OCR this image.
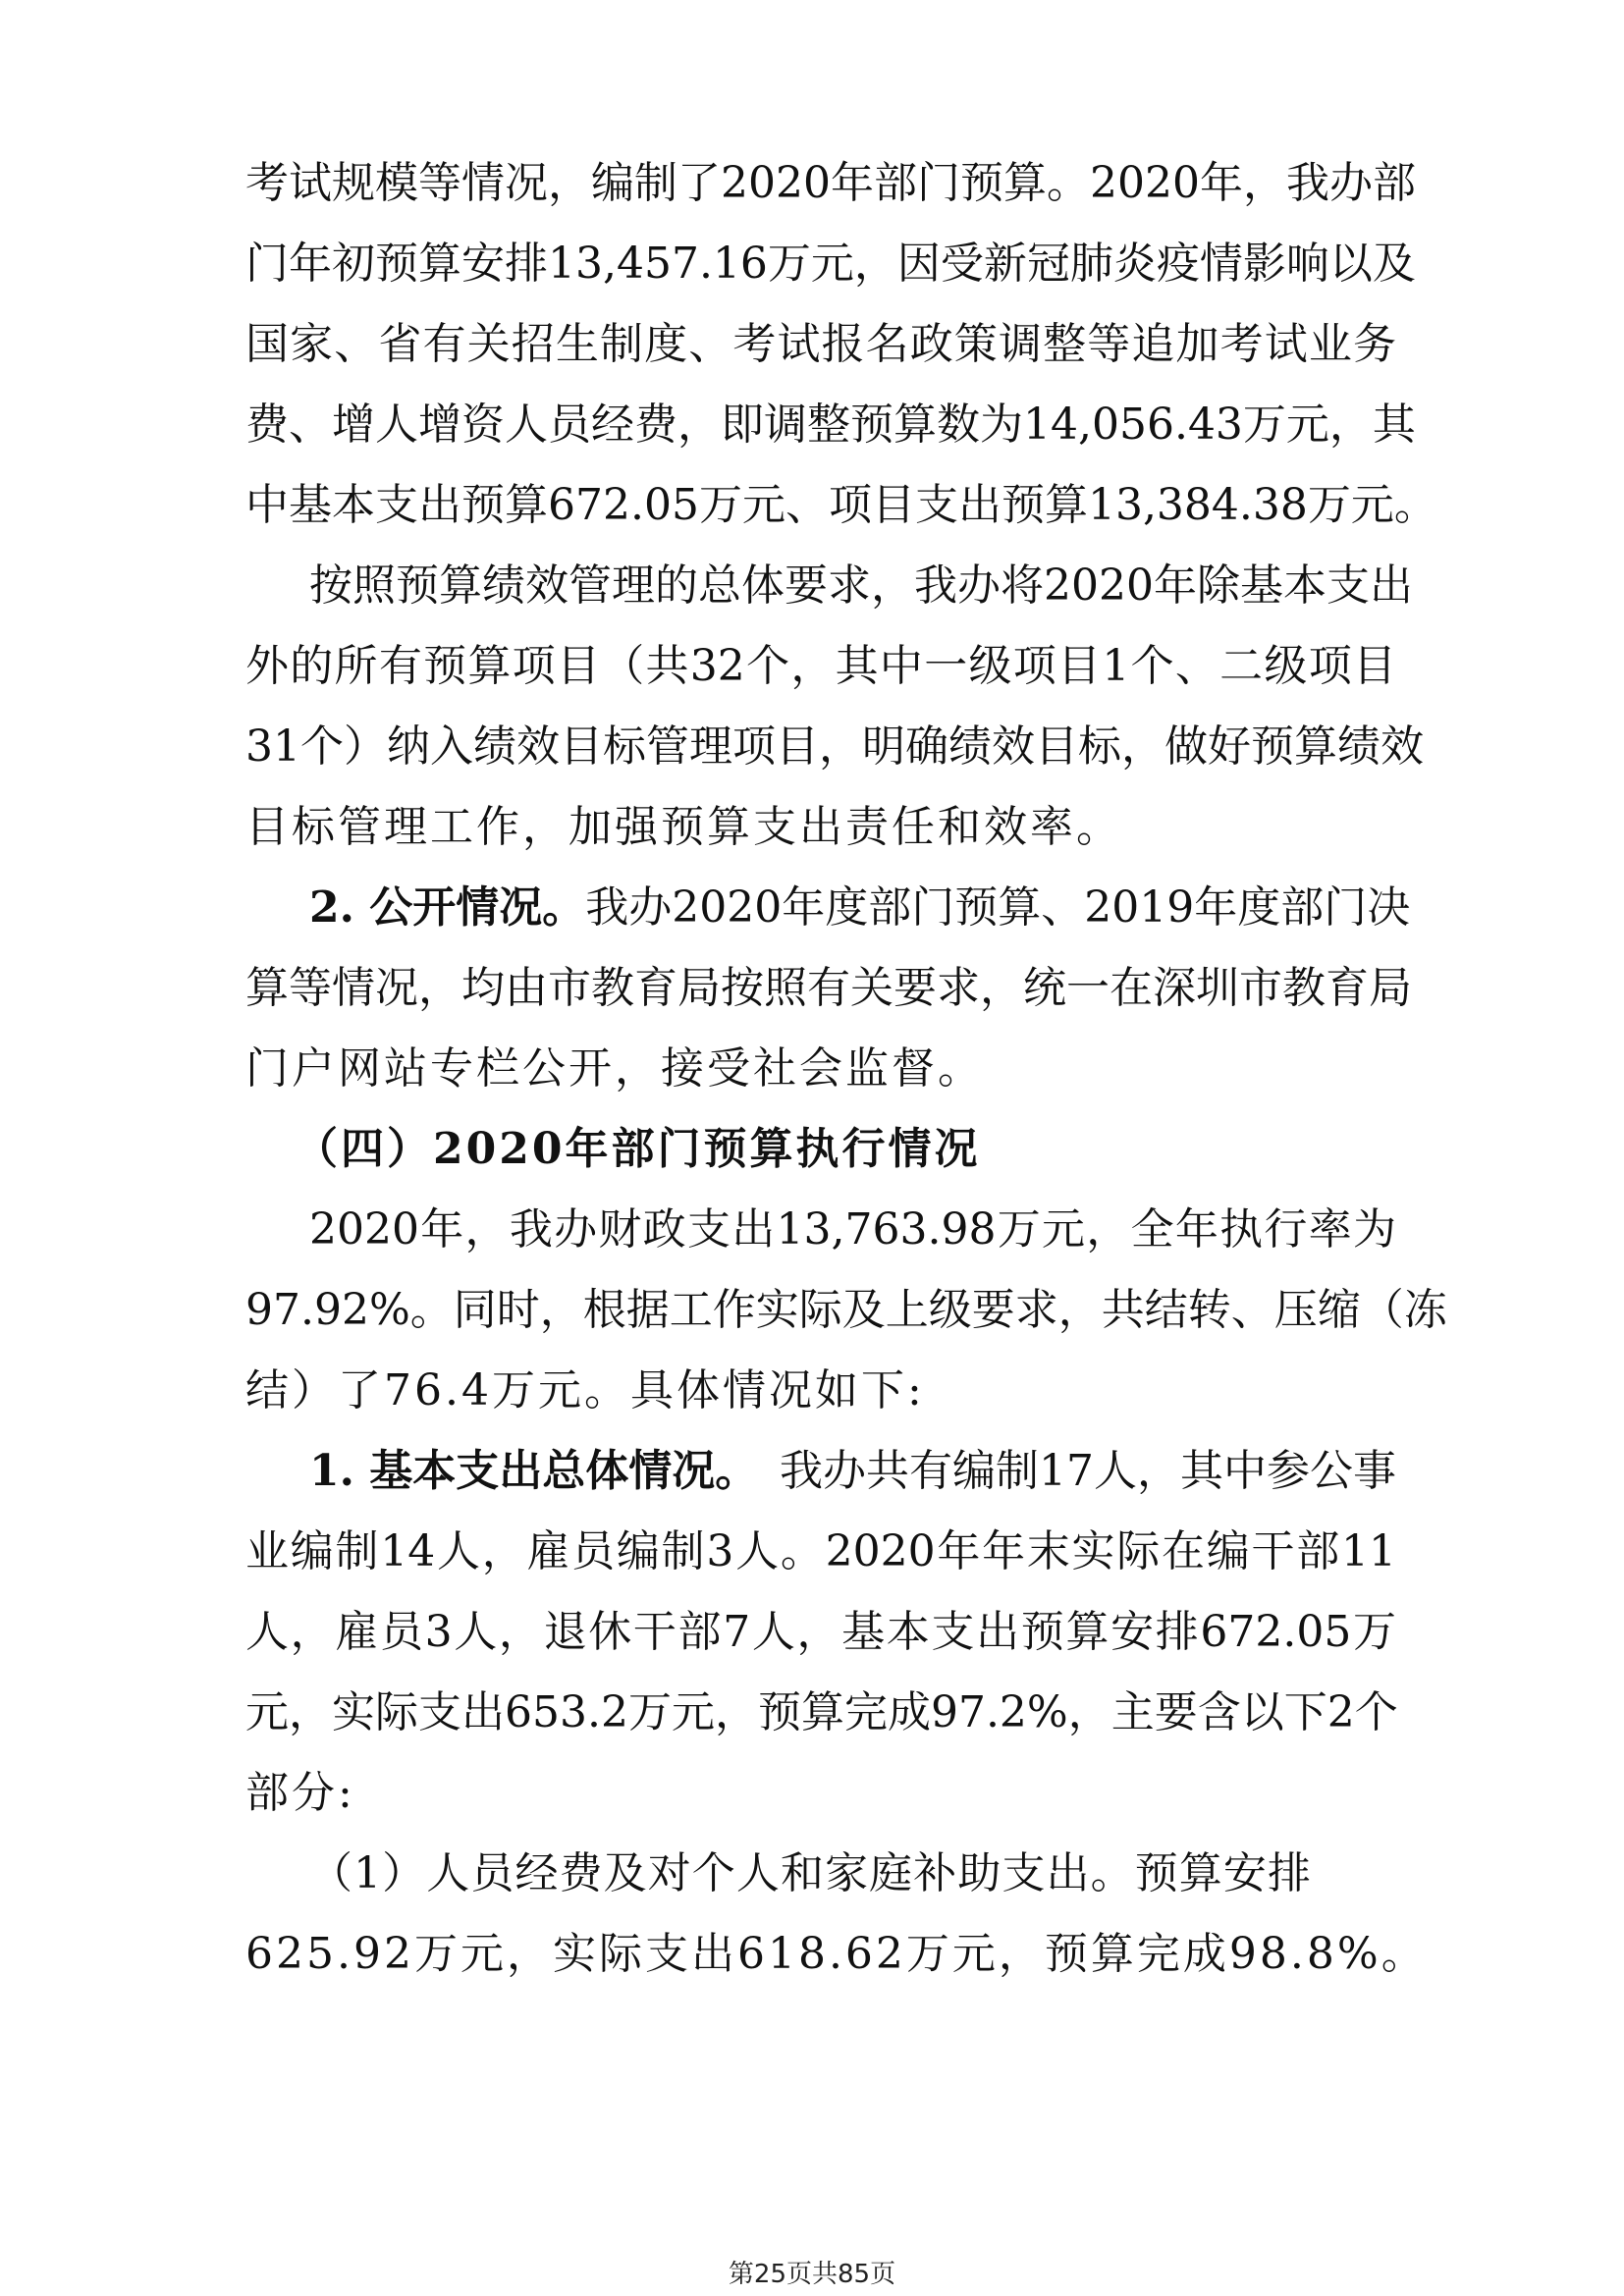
考试规模等情况，编制了2020年部门预算。2020年，我办部
门年初预算安排13,457.16万元，因受新冠肺炎疫情影响以及
国家、省有关招生制度、考试报名政策调整等追加考试业务
费、增人增资人员经费，即调整预算数为14,056.43万元，其
中基本支出预算672.05万元、项目支出预算13,384.38万元。
按照预算绩效管理的总体要求，我办将2020年除基本支出
外的所有预算项目（共32个，其中一级项目1个、二级项目
31个）纳入绩效目标管理项目，明确绩效目标，做好预算绩效
目标管理工作，加强预算支出责任和效率。
2. 公开情况。 我办2020年度部门预算、2019年度部门决
算等情况，均由市教育局按照有关要求，统一在深圳市教育局
门户网站专栏公开，接受社会监督。
（四）2020年部门预算执行情况
2020年，我办财政支出13,763.98万元，全年执行率为
97.92%。同时，根据工作实际及上级要求，共结转、压缩（冻
结）了76.4万元。具体情况如下:
1. 基本支出总体情况。 我办共有编制17人，其中参公事
业编制14人，雇员编制3人。2020年年末实际在编干部11
人，雇员3人，退休干部7人，基本支出预算安排672.05万
元，实际支出653.2万元，预算完成97.2%，主要含以下2个
部分:
（1）人员经费及对个人和家庭补助支出。预算安排
625.92万元，实际支出618.62万元，预算完成98.8%。
第25页共85页
